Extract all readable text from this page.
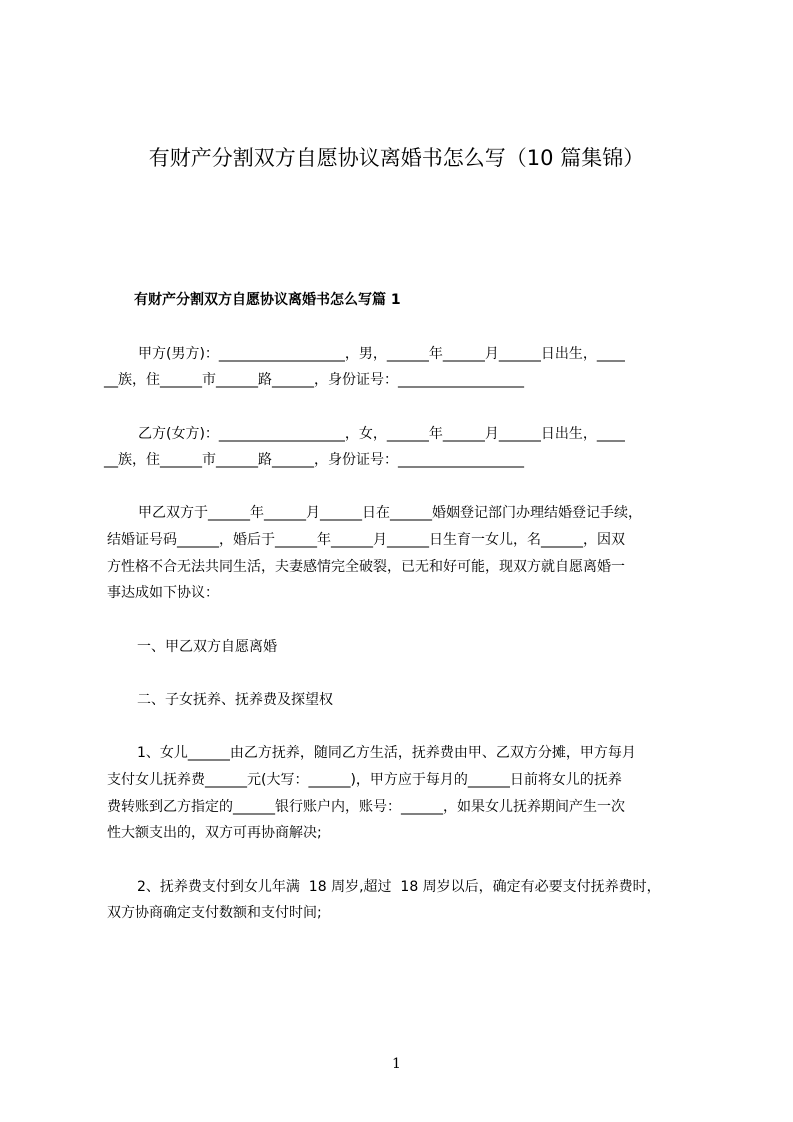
有财产分割双方自愿协议离婚书怎么写（10 篇集锦）
有财产分割双方自愿协议离婚书怎么写篇 1

甲方(男方)：__________________，男，______年______月______日出生，____

__族，住______市______路______，身份证号：__________________

乙方(女方)：__________________，女，______年______月______日出生，____

__族，住______市______路______，身份证号：__________________

甲乙双方于______年______月______日在______婚姻登记部门办理结婚登记手续，

结婚证号码______，婚后于______年______月______日生育一女儿，名______，因双

方性格不合无法共同生活，夫妻感情完全破裂，已无和好可能，现双方就自愿离婚一

事达成如下协议：

一、甲乙双方自愿离婚

二、子女抚养、抚养费及探望权

1、女儿______由乙方抚养，随同乙方生活，抚养费由甲、乙双方分摊，甲方每月

支付女儿抚养费______元(大写：______)，甲方应于每月的______日前将女儿的抚养

费转账到乙方指定的______银行账户内，账号：______，如果女儿抚养期间产生一次

性大额支出的，双方可再协商解决;

2、抚养费支付到女儿年满  18 周岁,超过  18 周岁以后，确定有必要支付抚养费时，

双方协商确定支付数额和支付时间;

1
